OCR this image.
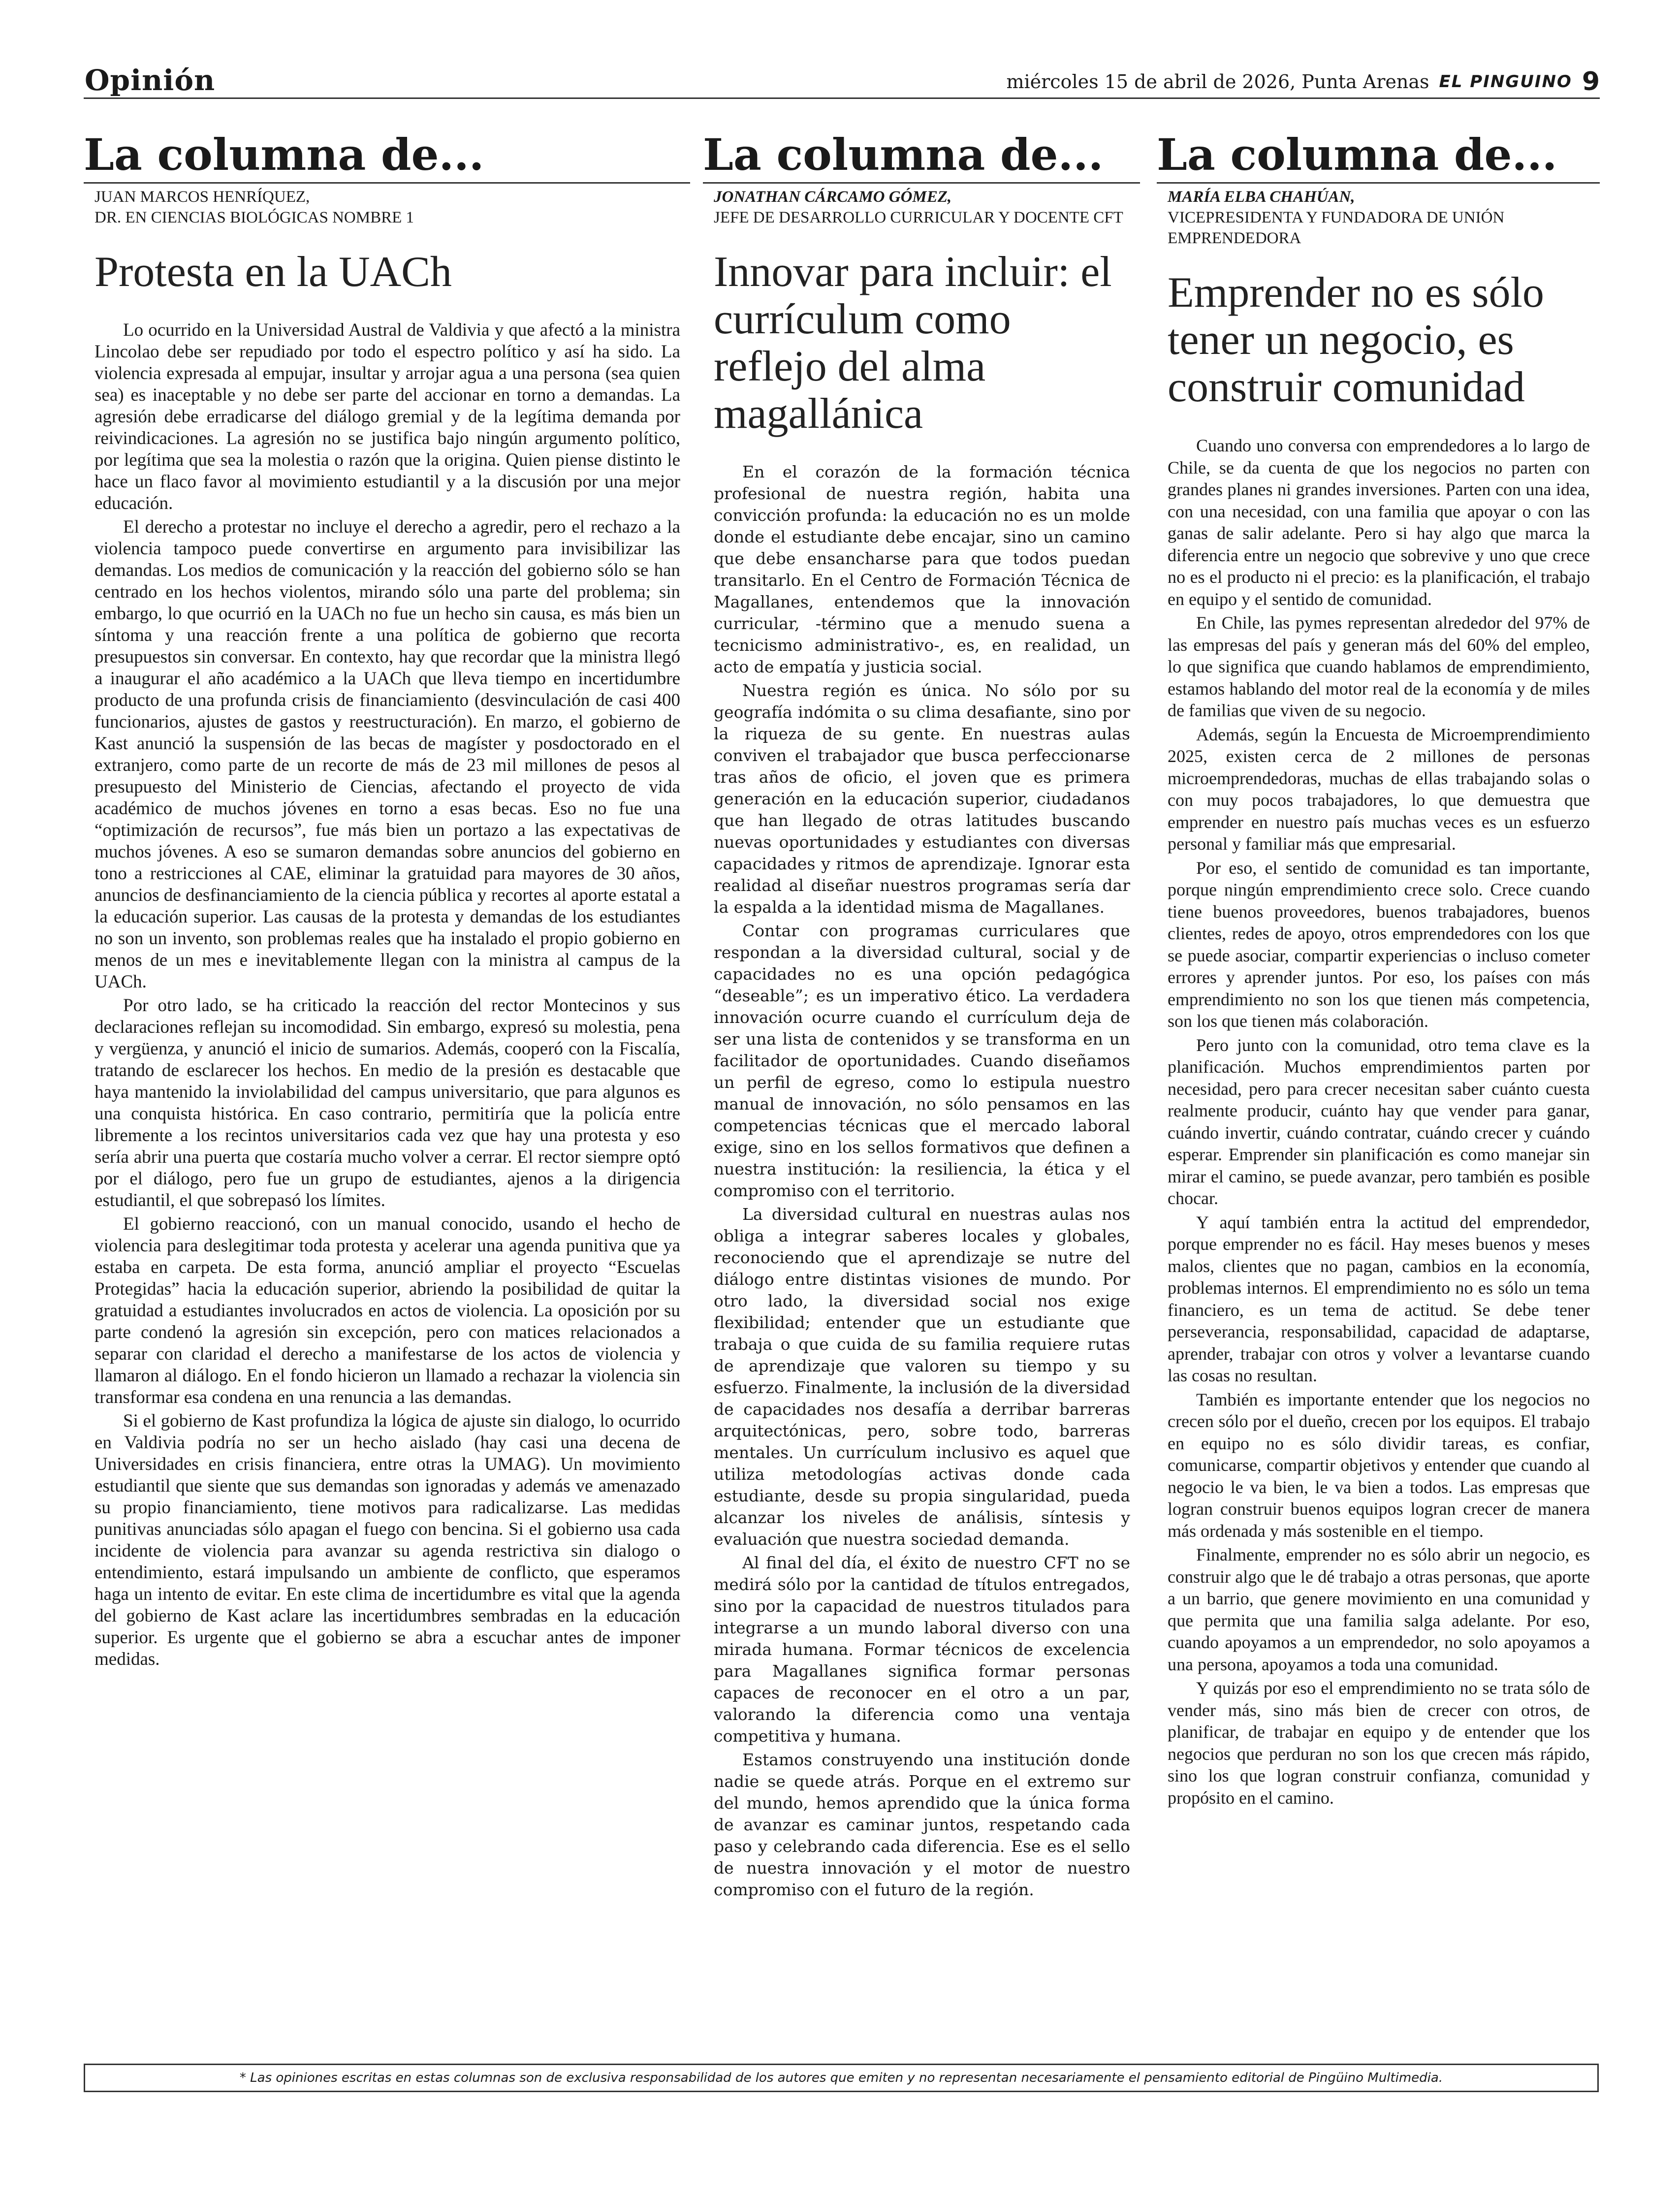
Opinión	miércoles 15 de abril de 2026, Punta Arenas EL PINGUINO 9
La columna de...
JUAN MARCOS HENRÍQUEZ,
DR. EN CIENCIAS BIOLÓGICAS NOMBRE 1
Protesta en la UACh

Lo ocurrido en la Universidad Austral de Valdivia y que afectó a la ministra Lincolao debe ser repudiado por todo el espectro político y así ha sido. La violencia expresada al empujar, insultar y arrojar agua a una persona (sea quien sea) es inaceptable y no debe ser parte del accionar en torno a demandas. La agresión debe erradicarse del diálogo gremial y de la legítima demanda por reivindicaciones. La agresión no se justifica bajo ningún argumento político, por legítima que sea la molestia o razón que la origina. Quien piense distinto le hace un flaco favor al movimiento estudiantil y a la discusión por una mejor educación.

El derecho a protestar no incluye el derecho a agredir, pero el rechazo a la violencia tampoco puede convertirse en argumento para invisibilizar las demandas. Los medios de comunicación y la reacción del gobierno sólo se han centrado en los hechos violentos, mirando sólo una parte del problema; sin embargo, lo que ocurrió en la UACh no fue un hecho sin causa, es más bien un síntoma y una reacción frente a una política de gobierno que recorta presupuestos sin conversar. En contexto, hay que recordar que la ministra llegó a inaugurar el año académico a la UACh que lleva tiempo en incertidumbre producto de una profunda crisis de financiamiento (desvinculación de casi 400 funcionarios, ajustes de gastos y reestructuración). En marzo, el gobierno de Kast anunció la suspensión de las becas de magíster y posdoctorado en el extranjero, como parte de un recorte de más de 23 mil millones de pesos al presupuesto del Ministerio de Ciencias, afectando el proyecto de vida académico de muchos jóvenes en torno a esas becas. Eso no fue una “optimización de recursos”, fue más bien un portazo a las expectativas de muchos jóvenes. A eso se sumaron demandas sobre anuncios del gobierno en tono a restricciones al CAE, eliminar la gratuidad para mayores de 30 años, anuncios de desfinanciamiento de la ciencia pública y recortes al aporte estatal a la educación superior. Las causas de la protesta y demandas de los estudiantes no son un invento, son problemas reales que ha instalado el propio gobierno en menos de un mes e inevitablemente llegan con la ministra al campus de la UACh.

Por otro lado, se ha criticado la reacción del rector Montecinos y sus declaraciones reflejan su incomodidad. Sin embargo, expresó su molestia, pena y vergüenza, y anunció el inicio de sumarios. Además, cooperó con la Fiscalía, tratando de esclarecer los hechos. En medio de la presión es destacable que haya mantenido la inviolabilidad del campus universitario, que para algunos es una conquista histórica. En caso contrario, permitiría que la policía entre libremente a los recintos universitarios cada vez que hay una protesta y eso sería abrir una puerta que costaría mucho volver a cerrar. El rector siempre optó por el diálogo, pero fue un grupo de estudiantes, ajenos a la dirigencia estudiantil, el que sobrepasó los límites.

El gobierno reaccionó, con un manual conocido, usando el hecho de violencia para deslegitimar toda protesta y acelerar una agenda punitiva que ya estaba en carpeta. De esta forma, anunció ampliar el proyecto “Escuelas Protegidas” hacia la educación superior, abriendo la posibilidad de quitar la gratuidad a estudiantes involucrados en actos de violencia. La oposición por su parte condenó la agresión sin excepción, pero con matices relacionados a separar con claridad el derecho a manifestarse de los actos de violencia y llamaron al diálogo. En el fondo hicieron un llamado a rechazar la violencia sin transformar esa condena en una renuncia a las demandas.

Si el gobierno de Kast profundiza la lógica de ajuste sin dialogo, lo ocurrido en Valdivia podría no ser un hecho aislado (hay casi una decena de Universidades en crisis financiera, entre otras la UMAG). Un movimiento estudiantil que siente que sus demandas son ignoradas y además ve amenazado su propio financiamiento, tiene motivos para radicalizarse. Las medidas punitivas anunciadas sólo apagan el fuego con bencina. Si el gobierno usa cada incidente de violencia para avanzar su agenda restrictiva sin dialogo o entendimiento, estará impulsando un ambiente de conflicto, que esperamos haga un intento de evitar. En este clima de incertidumbre es vital que la agenda del gobierno de Kast aclare las incertidumbres sembradas en la educación superior. Es urgente que el gobierno se abra a escuchar antes de imponer medidas.

La columna de...
JONATHAN CÁRCAMO GÓMEZ,
JEFE DE DESARROLLO CURRICULAR Y DOCENTE CFT
Innovar para incluir: el currículum como reflejo del alma magallánica

En el corazón de la formación técnica profesional de nuestra región, habita una convicción profunda: la educación no es un molde donde el estudiante debe encajar, sino un camino que debe ensancharse para que todos puedan transitarlo. En el Centro de Formación Técnica de Magallanes, entendemos que la innovación curricular, -término que a menudo suena a tecnicismo administrativo-, es, en realidad, un acto de empatía y justicia social.

Nuestra región es única. No sólo por su geografía indómita o su clima desafiante, sino por la riqueza de su gente. En nuestras aulas conviven el trabajador que busca perfeccionarse tras años de oficio, el joven que es primera generación en la educación superior, ciudadanos que han llegado de otras latitudes buscando nuevas oportunidades y estudiantes con diversas capacidades y ritmos de aprendizaje. Ignorar esta realidad al diseñar nuestros programas sería dar la espalda a la identidad misma de Magallanes.

Contar con programas curriculares que respondan a la diversidad cultural, social y de capacidades no es una opción pedagógica “deseable”; es un imperativo ético. La verdadera innovación ocurre cuando el currículum deja de ser una lista de contenidos y se transforma en un facilitador de oportunidades. Cuando diseñamos un perfil de egreso, como lo estipula nuestro manual de innovación, no sólo pensamos en las competencias técnicas que el mercado laboral exige, sino en los sellos formativos que definen a nuestra institución: la resiliencia, la ética y el compromiso con el territorio.

La diversidad cultural en nuestras aulas nos obliga a integrar saberes locales y globales, reconociendo que el aprendizaje se nutre del diálogo entre distintas visiones de mundo. Por otro lado, la diversidad social nos exige flexibilidad; entender que un estudiante que trabaja o que cuida de su familia requiere rutas de aprendizaje que valoren su tiempo y su esfuerzo. Finalmente, la inclusión de la diversidad de capacidades nos desafía a derribar barreras arquitectónicas, pero, sobre todo, barreras mentales. Un currículum inclusivo es aquel que utiliza metodologías activas donde cada estudiante, desde su propia singularidad, pueda alcanzar los niveles de análisis, síntesis y evaluación que nuestra sociedad demanda.

Al final del día, el éxito de nuestro CFT no se medirá sólo por la cantidad de títulos entregados, sino por la capacidad de nuestros titulados para integrarse a un mundo laboral diverso con una mirada humana. Formar técnicos de excelencia para Magallanes significa formar personas capaces de reconocer en el otro a un par, valorando la diferencia como una ventaja competitiva y humana.

Estamos construyendo una institución donde nadie se quede atrás. Porque en el extremo sur del mundo, hemos aprendido que la única forma de avanzar es caminar juntos, respetando cada paso y celebrando cada diferencia. Ese es el sello de nuestra innovación y el motor de nuestro compromiso con el futuro de la región.

La columna de...
MARÍA ELBA CHAHÚAN,
VICEPRESIDENTA Y FUNDADORA DE UNIÓN EMPRENDEDORA
Emprender no es sólo tener un negocio, es construir comunidad

Cuando uno conversa con emprendedores a lo largo de Chile, se da cuenta de que los negocios no parten con grandes planes ni grandes inversiones. Parten con una idea, con una necesidad, con una familia que apoyar o con las ganas de salir adelante. Pero si hay algo que marca la diferencia entre un negocio que sobrevive y uno que crece no es el producto ni el precio: es la planificación, el trabajo en equipo y el sentido de comunidad.

En Chile, las pymes representan alrededor del 97% de las empresas del país y generan más del 60% del empleo, lo que significa que cuando hablamos de emprendimiento, estamos hablando del motor real de la economía y de miles de familias que viven de su negocio.

Además, según la Encuesta de Microemprendimiento 2025, existen cerca de 2 millones de personas microemprendedoras, muchas de ellas trabajando solas o con muy pocos trabajadores, lo que demuestra que emprender en nuestro país muchas veces es un esfuerzo personal y familiar más que empresarial.

Por eso, el sentido de comunidad es tan importante, porque ningún emprendimiento crece solo. Crece cuando tiene buenos proveedores, buenos trabajadores, buenos clientes, redes de apoyo, otros emprendedores con los que se puede asociar, compartir experiencias o incluso cometer errores y aprender juntos. Por eso, los países con más emprendimiento no son los que tienen más competencia, son los que tienen más colaboración.

Pero junto con la comunidad, otro tema clave es la planificación. Muchos emprendimientos parten por necesidad, pero para crecer necesitan saber cuánto cuesta realmente producir, cuánto hay que vender para ganar, cuándo invertir, cuándo contratar, cuándo crecer y cuándo esperar. Emprender sin planificación es como manejar sin mirar el camino, se puede avanzar, pero también es posible chocar.

Y aquí también entra la actitud del emprendedor, porque emprender no es fácil. Hay meses buenos y meses malos, clientes que no pagan, cambios en la economía, problemas internos. El emprendimiento no es sólo un tema financiero, es un tema de actitud. Se debe tener perseverancia, responsabilidad, capacidad de adaptarse, aprender, trabajar con otros y volver a levantarse cuando las cosas no resultan.

También es importante entender que los negocios no crecen sólo por el dueño, crecen por los equipos. El trabajo en equipo no es sólo dividir tareas, es confiar, comunicarse, compartir objetivos y entender que cuando al negocio le va bien, le va bien a todos. Las empresas que logran construir buenos equipos logran crecer de manera más ordenada y más sostenible en el tiempo.

Finalmente, emprender no es sólo abrir un negocio, es construir algo que le dé trabajo a otras personas, que aporte a un barrio, que genere movimiento en una comunidad y que permita que una familia salga adelante. Por eso, cuando apoyamos a un emprendedor, no solo apoyamos a una persona, apoyamos a toda una comunidad.

Y quizás por eso el emprendimiento no se trata sólo de vender más, sino más bien de crecer con otros, de planificar, de trabajar en equipo y de entender que los negocios que perduran no son los que crecen más rápido, sino los que logran construir confianza, comunidad y propósito en el camino.

* Las opiniones escritas en estas columnas son de exclusiva responsabilidad de los autores que emiten y no representan necesariamente el pensamiento editorial de Pingüino Multimedia.
